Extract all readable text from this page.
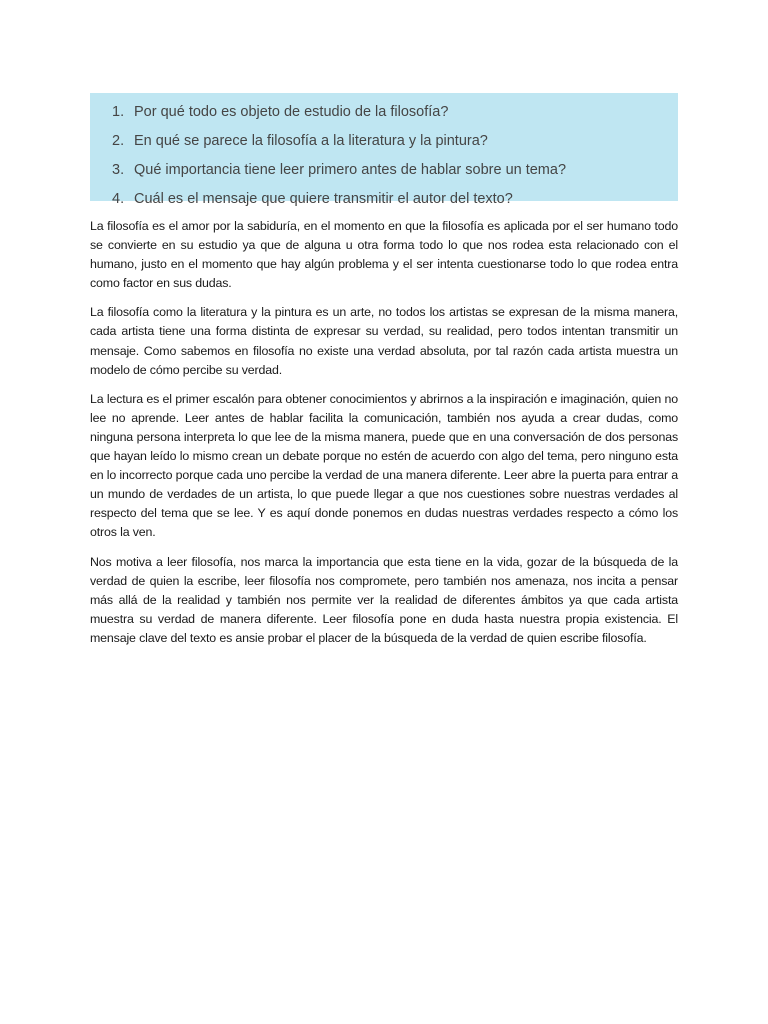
1. Por qué todo es objeto de estudio de la filosofía?
2. En qué se parece la filosofía a la literatura y la pintura?
3. Qué importancia tiene leer primero antes de hablar sobre un tema?
4. Cuál es el mensaje que quiere transmitir el autor del texto?

La filosofía es el amor por la sabiduría, en el momento en que la filosofía es aplicada por el ser humano todo se convierte en su estudio ya que de alguna u otra forma todo lo que nos rodea esta relacionado con el humano, justo en el momento que hay algún problema y el ser intenta cuestionarse todo lo que rodea entra como factor en sus dudas.

La filosofía como la literatura y la pintura es un arte, no todos los artistas se expresan de la misma manera, cada artista tiene una forma distinta de expresar su verdad, su realidad, pero todos intentan transmitir un mensaje. Como sabemos en filosofía no existe una verdad absoluta, por tal razón cada artista muestra un modelo de cómo percibe su verdad.

La lectura es el primer escalón para obtener conocimientos y abrirnos a la inspiración e imaginación, quien no lee no aprende. Leer antes de hablar facilita la comunicación, también nos ayuda a crear dudas, como ninguna persona interpreta lo que lee de la misma manera, puede que en una conversación de dos personas que hayan leído lo mismo crean un debate porque no estén de acuerdo con algo del tema, pero ninguno esta en lo incorrecto porque cada uno percibe la verdad de una manera diferente. Leer abre la puerta para entrar a un mundo de verdades de un artista, lo que puede llegar a que nos cuestiones sobre nuestras verdades al respecto del tema que se lee. Y es aquí donde ponemos en dudas nuestras verdades respecto a cómo los otros la ven.

Nos motiva a leer filosofía, nos marca la importancia que esta tiene en la vida, gozar de la búsqueda de la verdad de quien la escribe, leer filosofía nos compromete, pero también nos amenaza, nos incita a pensar más allá de la realidad y también nos permite ver la realidad de diferentes ámbitos ya que cada artista muestra su verdad de manera diferente. Leer filosofía pone en duda hasta nuestra propia existencia. El mensaje clave del texto es ansie probar el placer de la búsqueda de la verdad de quien escribe filosofía.
